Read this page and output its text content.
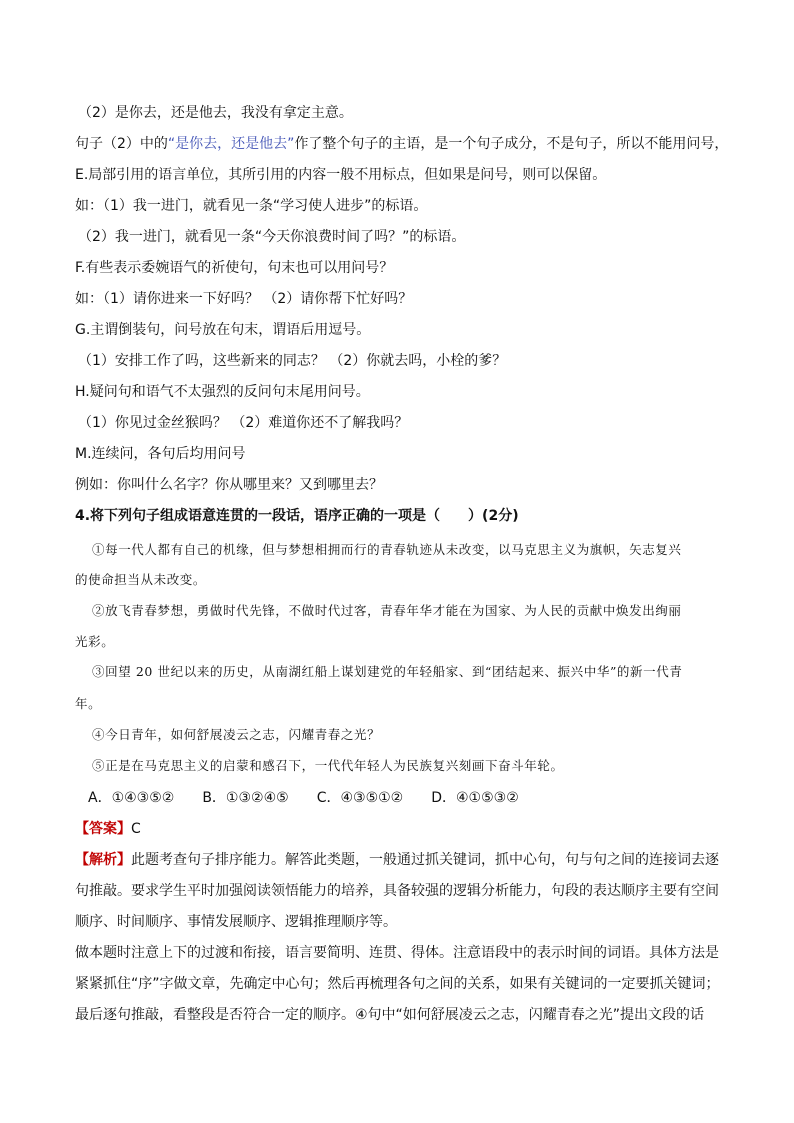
（2）是你去，还是他去，我没有拿定主意。
句子（2）中的“是你去，还是他去”作了整个句子的主语，是一个句子成分，不是句子，所以不能用问号，
E.局部引用的语言单位，其所引用的内容一般不用标点，但如果是问号，则可以保留。
如：（1）我一进门，就看见一条“学习使人进步”的标语。
（2）我一进门，就看见一条“今天你浪费时间了吗？”的标语。
F.有些表示委婉语气的祈使句，句末也可以用问号？
如：（1）请你进来一下好吗？ （2）请你帮下忙好吗？
G.主谓倒装句，问号放在句末，谓语后用逗号。
（1）安排工作了吗，这些新来的同志？ （2）你就去吗，小栓的爹？
H.疑问句和语气不太强烈的反问句末尾用问号。
（1）你见过金丝猴吗？ （2）难道你还不了解我吗？
M.连续问，各句后均用问号
例如：你叫什么名字？你从哪里来？又到哪里去？
4.将下列句子组成语意连贯的一段话，语序正确的一项是（　　）(2分)
①每一代人都有自己的机缘，但与梦想相拥而行的青春轨迹从未改变，以马克思主义为旗帜，矢志复兴
的使命担当从未改变。
②放飞青春梦想，勇做时代先锋，不做时代过客，青春年华才能在为国家、为人民的贡献中焕发出绚丽
光彩。
③回望 20 世纪以来的历史，从南湖红船上谋划建党的年轻船家、到“团结起来、振兴中华”的新一代青
年。
④今日青年，如何舒展凌云之志，闪耀青春之光？
⑤正是在马克思主义的启蒙和感召下，一代代年轻人为民族复兴刻画下奋斗年轮。
A．①④③⑤②　　B．①③②④⑤　　C．④③⑤①②　　D．④①⑤③②
【答案】C
【解析】此题考查句子排序能力。解答此类题，一般通过抓关键词，抓中心句，句与句之间的连接词去逐
句推敲。要求学生平时加强阅读领悟能力的培养，具备较强的逻辑分析能力，句段的表达顺序主要有空间
顺序、时间顺序、事情发展顺序、逻辑推理顺序等。
做本题时注意上下的过渡和衔接，语言要简明、连贯、得体。注意语段中的表示时间的词语。具体方法是
紧紧抓住“序”字做文章，先确定中心句；然后再梳理各句之间的关系，如果有关键词的一定要抓关键词；
最后逐句推敲，看整段是否符合一定的顺序。④句中“如何舒展凌云之志，闪耀青春之光”提出文段的话
